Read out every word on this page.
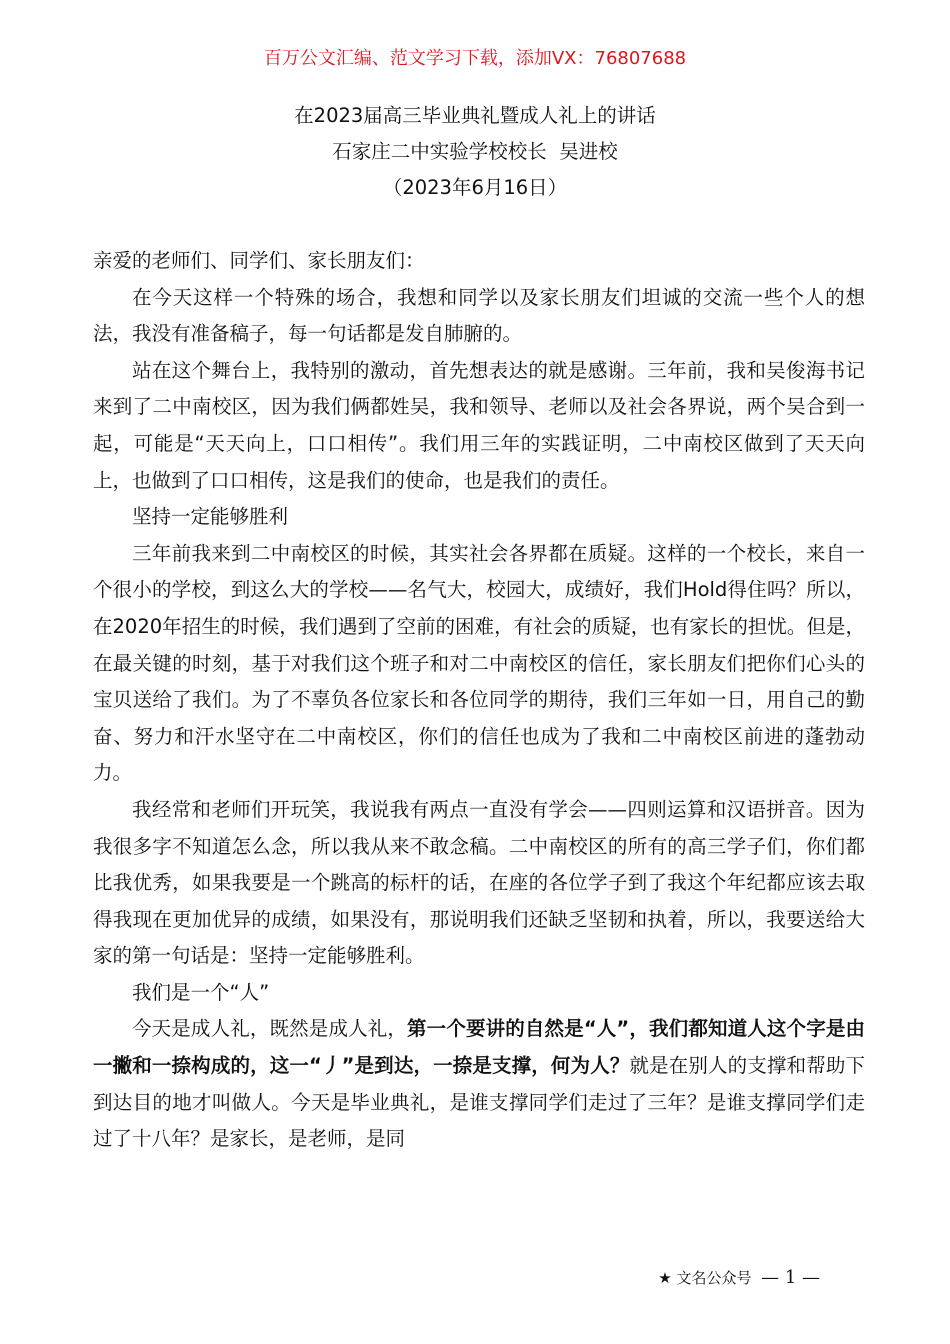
百万公文汇编、范文学习下载，添加VX：76807688
在2023届高三毕业典礼暨成人礼上的讲话
石家庄二中实验学校校长  吴进校
（2023年6月16日）

亲爱的老师们、同学们、家长朋友们：

在今天这样一个特殊的场合，我想和同学以及家长朋友们坦诚的交流一些个人的想法，我没有准备稿子，每一句话都是发自肺腑的。

站在这个舞台上，我特别的激动，首先想表达的就是感谢。三年前，我和吴俊海书记来到了二中南校区，因为我们俩都姓吴，我和领导、老师以及社会各界说，两个吴合到一起，可能是“天天向上，口口相传”。我们用三年的实践证明，二中南校区做到了天天向上，也做到了口口相传，这是我们的使命，也是我们的责任。

坚持一定能够胜利

三年前我来到二中南校区的时候，其实社会各界都在质疑。这样的一个校长，来自一个很小的学校，到这么大的学校——名气大，校园大，成绩好，我们Hold得住吗？所以，在2020年招生的时候，我们遇到了空前的困难，有社会的质疑，也有家长的担忧。但是，在最关键的时刻，基于对我们这个班子和对二中南校区的信任，家长朋友们把你们心头的宝贝送给了我们。为了不辜负各位家长和各位同学的期待，我们三年如一日，用自己的勤奋、努力和汗水坚守在二中南校区，你们的信任也成为了我和二中南校区前进的蓬勃动力。

我经常和老师们开玩笑，我说我有两点一直没有学会——四则运算和汉语拼音。因为我很多字不知道怎么念，所以我从来不敢念稿。二中南校区的所有的高三学子们，你们都比我优秀，如果我要是一个跳高的标杆的话，在座的各位学子到了我这个年纪都应该去取得我现在更加优异的成绩，如果没有，那说明我们还缺乏坚韧和执着，所以，我要送给大家的第一句话是：坚持一定能够胜利。

我们是一个“人”

今天是成人礼，既然是成人礼，第一个要讲的自然是“人”，我们都知道人这个字是由一撇和一捺构成的，这一“丿”是到达，一捺是支撑，何为人？就是在别人的支撑和帮助下到达目的地才叫做人。今天是毕业典礼，是谁支撑同学们走过了三年？是谁支撑同学们走过了十八年？是家长，是老师，是同

★ 文名公众号 — 1 —
